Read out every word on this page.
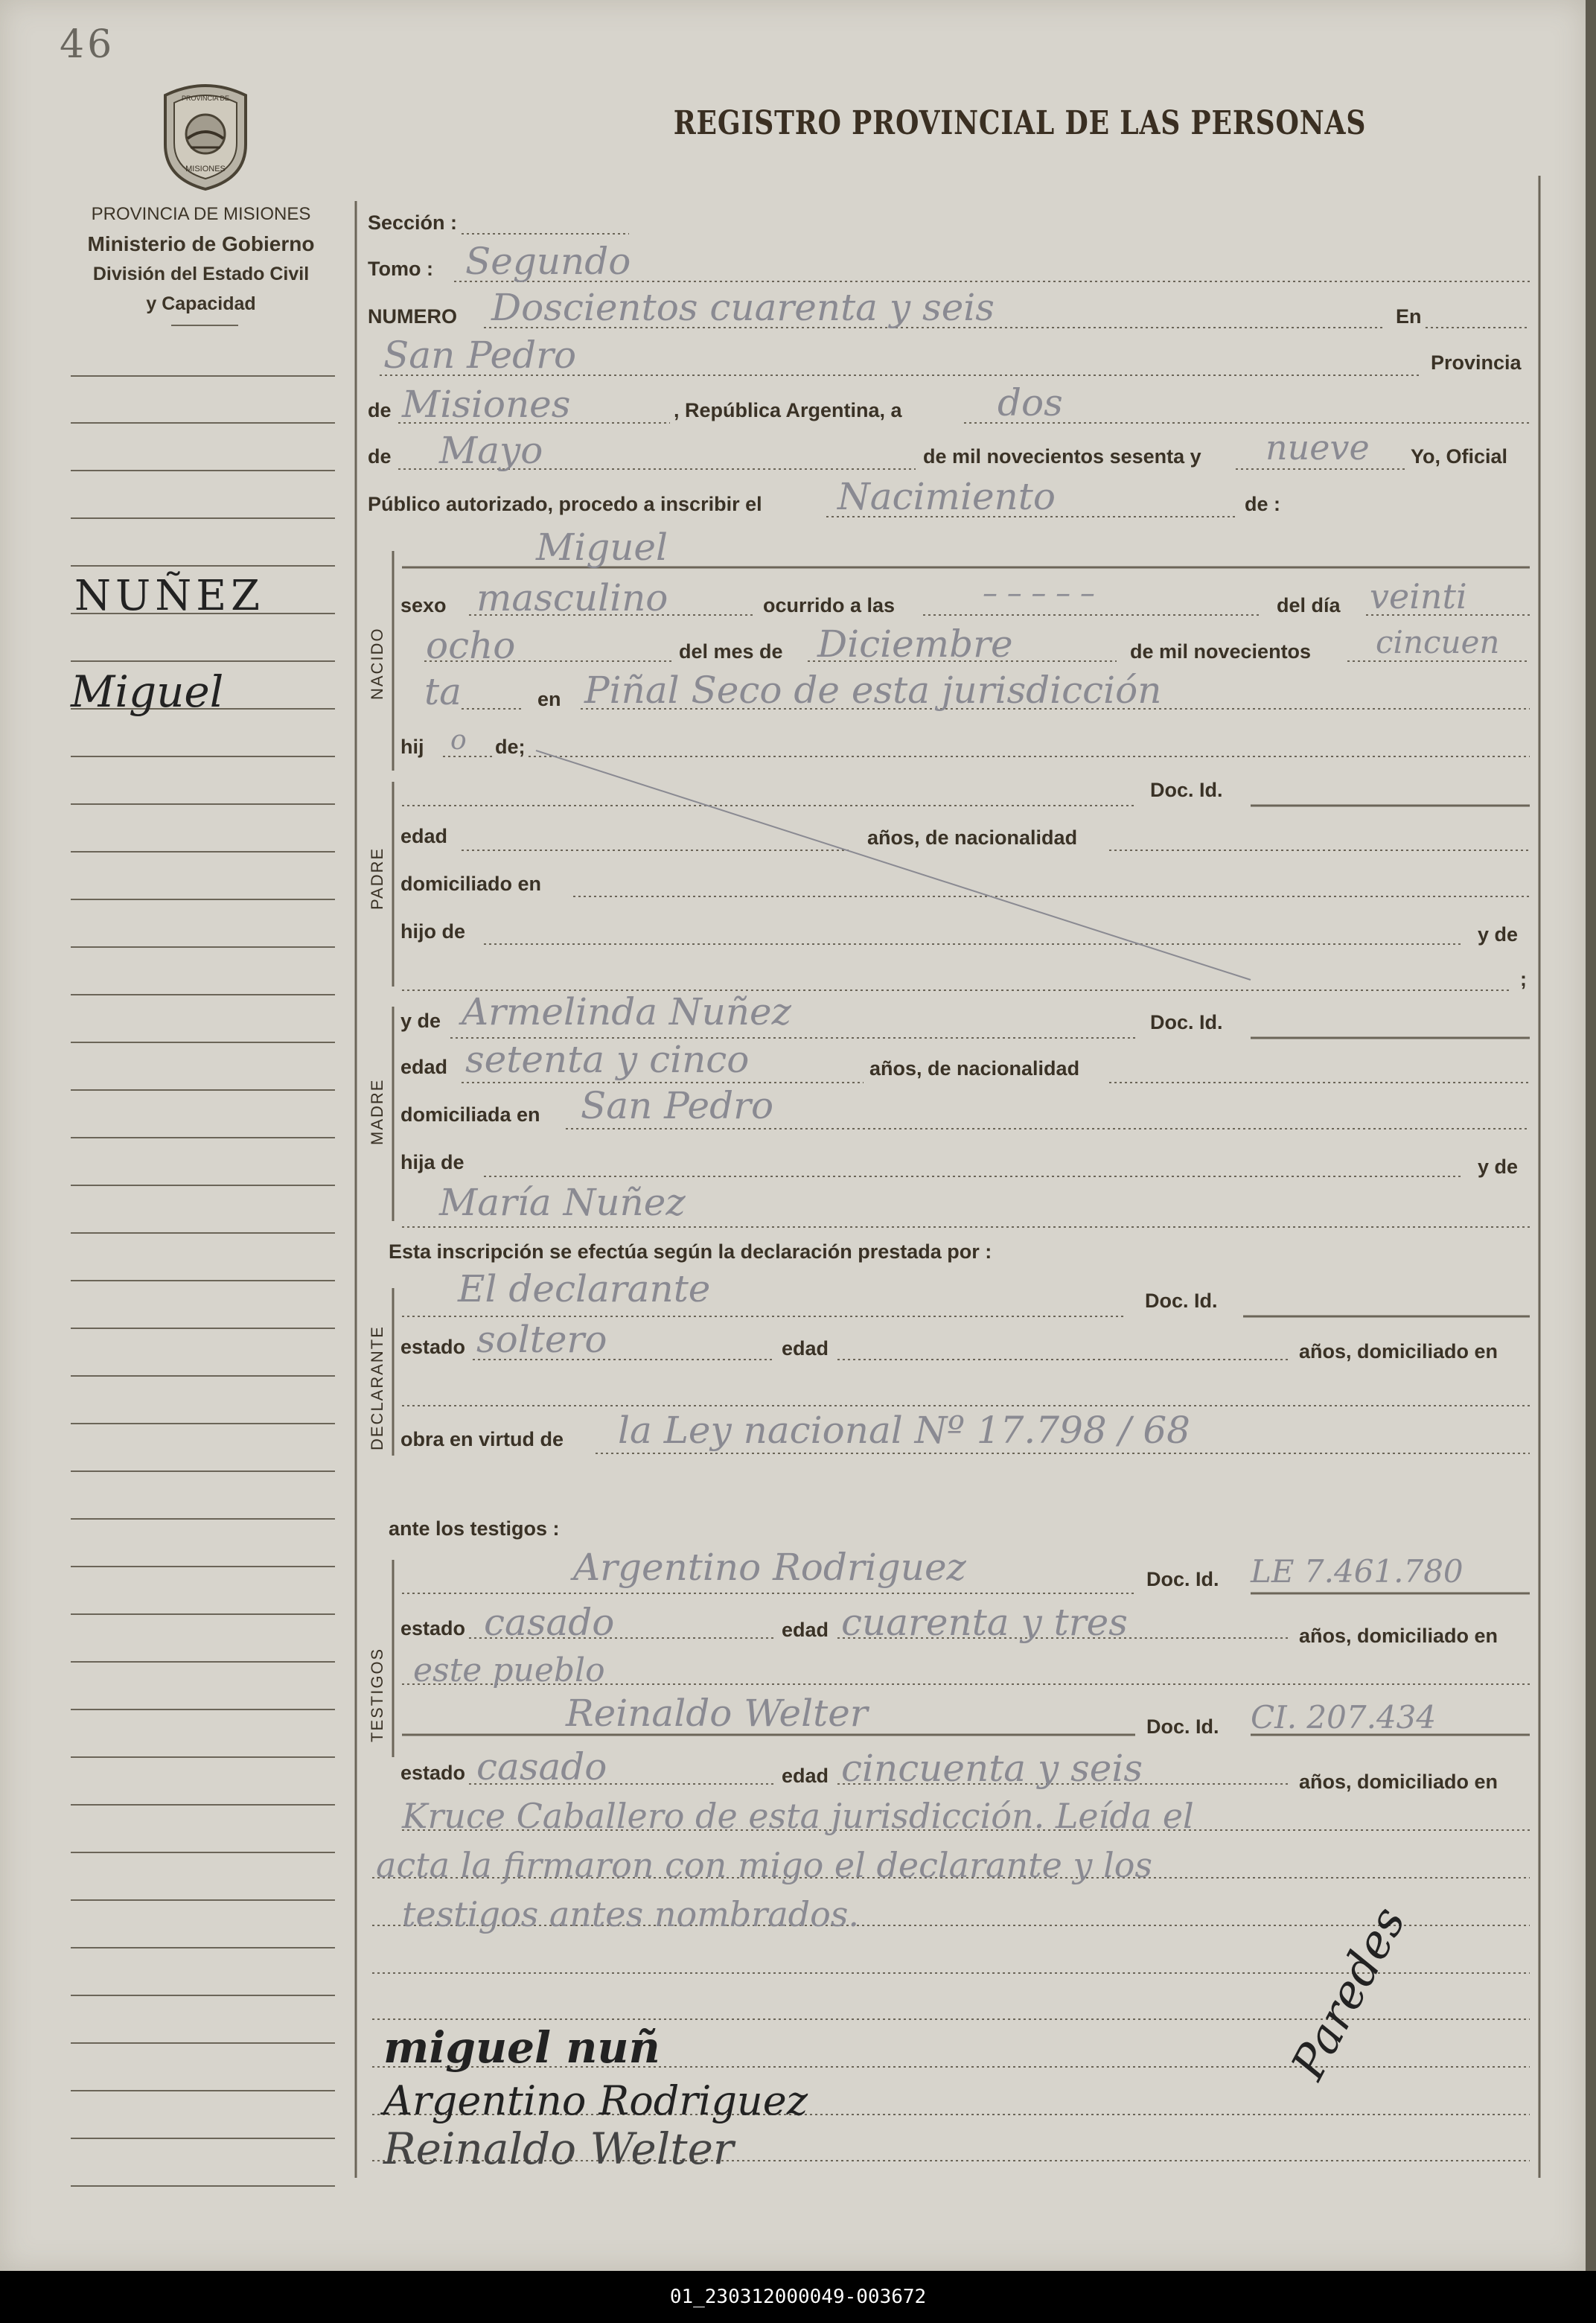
46
PROVINCIA DE
MISIONES
PROVINCIA DE MISIONES
Ministerio de Gobierno
División del Estado Civil
y Capacidad
REGISTRO PROVINCIAL DE LAS PERSONAS
NUÑEZ
Miguel
Sección :
Tomo : Segundo
NUMERO Doscientos cuarenta y seis	En
San Pedro	Provincia
de Misiones	, República Argentina, a	dos
de Mayo	de mil novecientos sesenta y nueve Yo, Oficial
Público autorizado, procedo a inscribir el Nacimiento	de :
NACIDO
Miguel
sexo masculino	ocurrido a las	– – – – –	del día veinti
ocho	del mes de Diciembre	de mil novecientos cincuen
ta	en Piñal Seco de esta jurisdicción
hij o de;
Doc. Id.
PADRE
edad	años, de nacionalidad
domiciliado en
hijo de	y de
;
y de Armelinda Nuñez	Doc. Id.
MADRE
edad setenta y cinco	años, de nacionalidad
domiciliada en San Pedro
hija de	y de
María Nuñez
Esta inscripción se efectúa según la declaración prestada por :
El declarante	Doc. Id.
DECLARANTE estado soltero	edad	años, domiciliado en
obra en virtud de la Ley nacional Nº 17.798 / 68
ante los testigos :
Argentino Rodriguez	Doc. Id. LE 7.461.780
TESTIGOS
estado casado	edad cuarenta y tres	años, domiciliado en
este pueblo
Reinaldo Welter	Doc. Id. CI. 207.434
estado casado	edad cincuenta y seis	años, domiciliado en
Kruce Caballero de esta jurisdicción. Leída el
acta la firmaron con migo el declarante y los
testigos antes nombrados.
miguel nuñ
Argentino Rodriguez
Reinaldo Welter
Paredes
01_230312000049-003672
